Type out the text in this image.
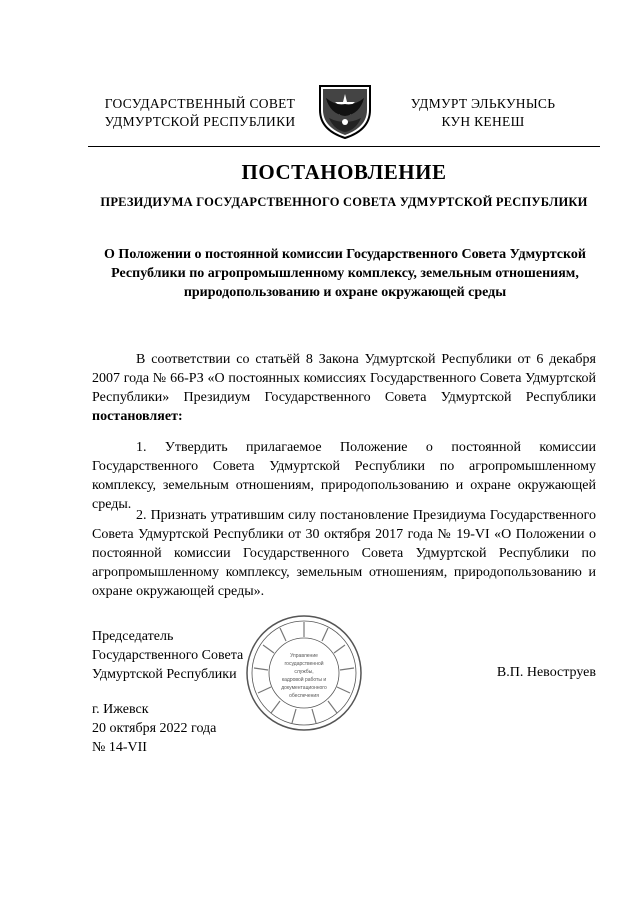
ГОСУДАРСТВЕННЫЙ СОВЕТ
УДМУРТСКОЙ РЕСПУБЛИКИ
УДМУРТ ЭЛЬКУНЫСЬ
КУН КЕНЕШ
ПОСТАНОВЛЕНИЕ
ПРЕЗИДИУМА ГОСУДАРСТВЕННОГО СОВЕТА УДМУРТСКОЙ РЕСПУБЛИКИ
О Положении о постоянной комиссии Государственного Совета Удмуртской Республики по агропромышленному комплексу, земельным отношениям, природопользованию и охране окружающей среды
В соответствии со статьёй 8 Закона Удмуртской Республики от 6 декабря 2007 года № 66-РЗ «О постоянных комиссиях Государственного Совета Удмуртской Республики» Президиум Государственного Совета Удмуртской Республики постановляет:
1. Утвердить прилагаемое Положение о постоянной комиссии Государственного Совета Удмуртской Республики по агропромышленному комплексу, земельным отношениям, природопользованию и охране окружающей среды.
2. Признать утратившим силу постановление Президиума Государственного Совета Удмуртской Республики от 30 октября 2017 года № 19-VI «О Положении о постоянной комиссии Государственного Совета Удмуртской Республики по агропромышленному комплексу, земельным отношениям, природопользованию и охране окружающей среды».
Председатель
Государственного Совета
Удмуртской Республики	В.П. Невоструев
г. Ижевск
20 октября 2022 года
№ 14-VII
Управление
государственной
службы,
кадровой работы и
документационного
обеспечения
